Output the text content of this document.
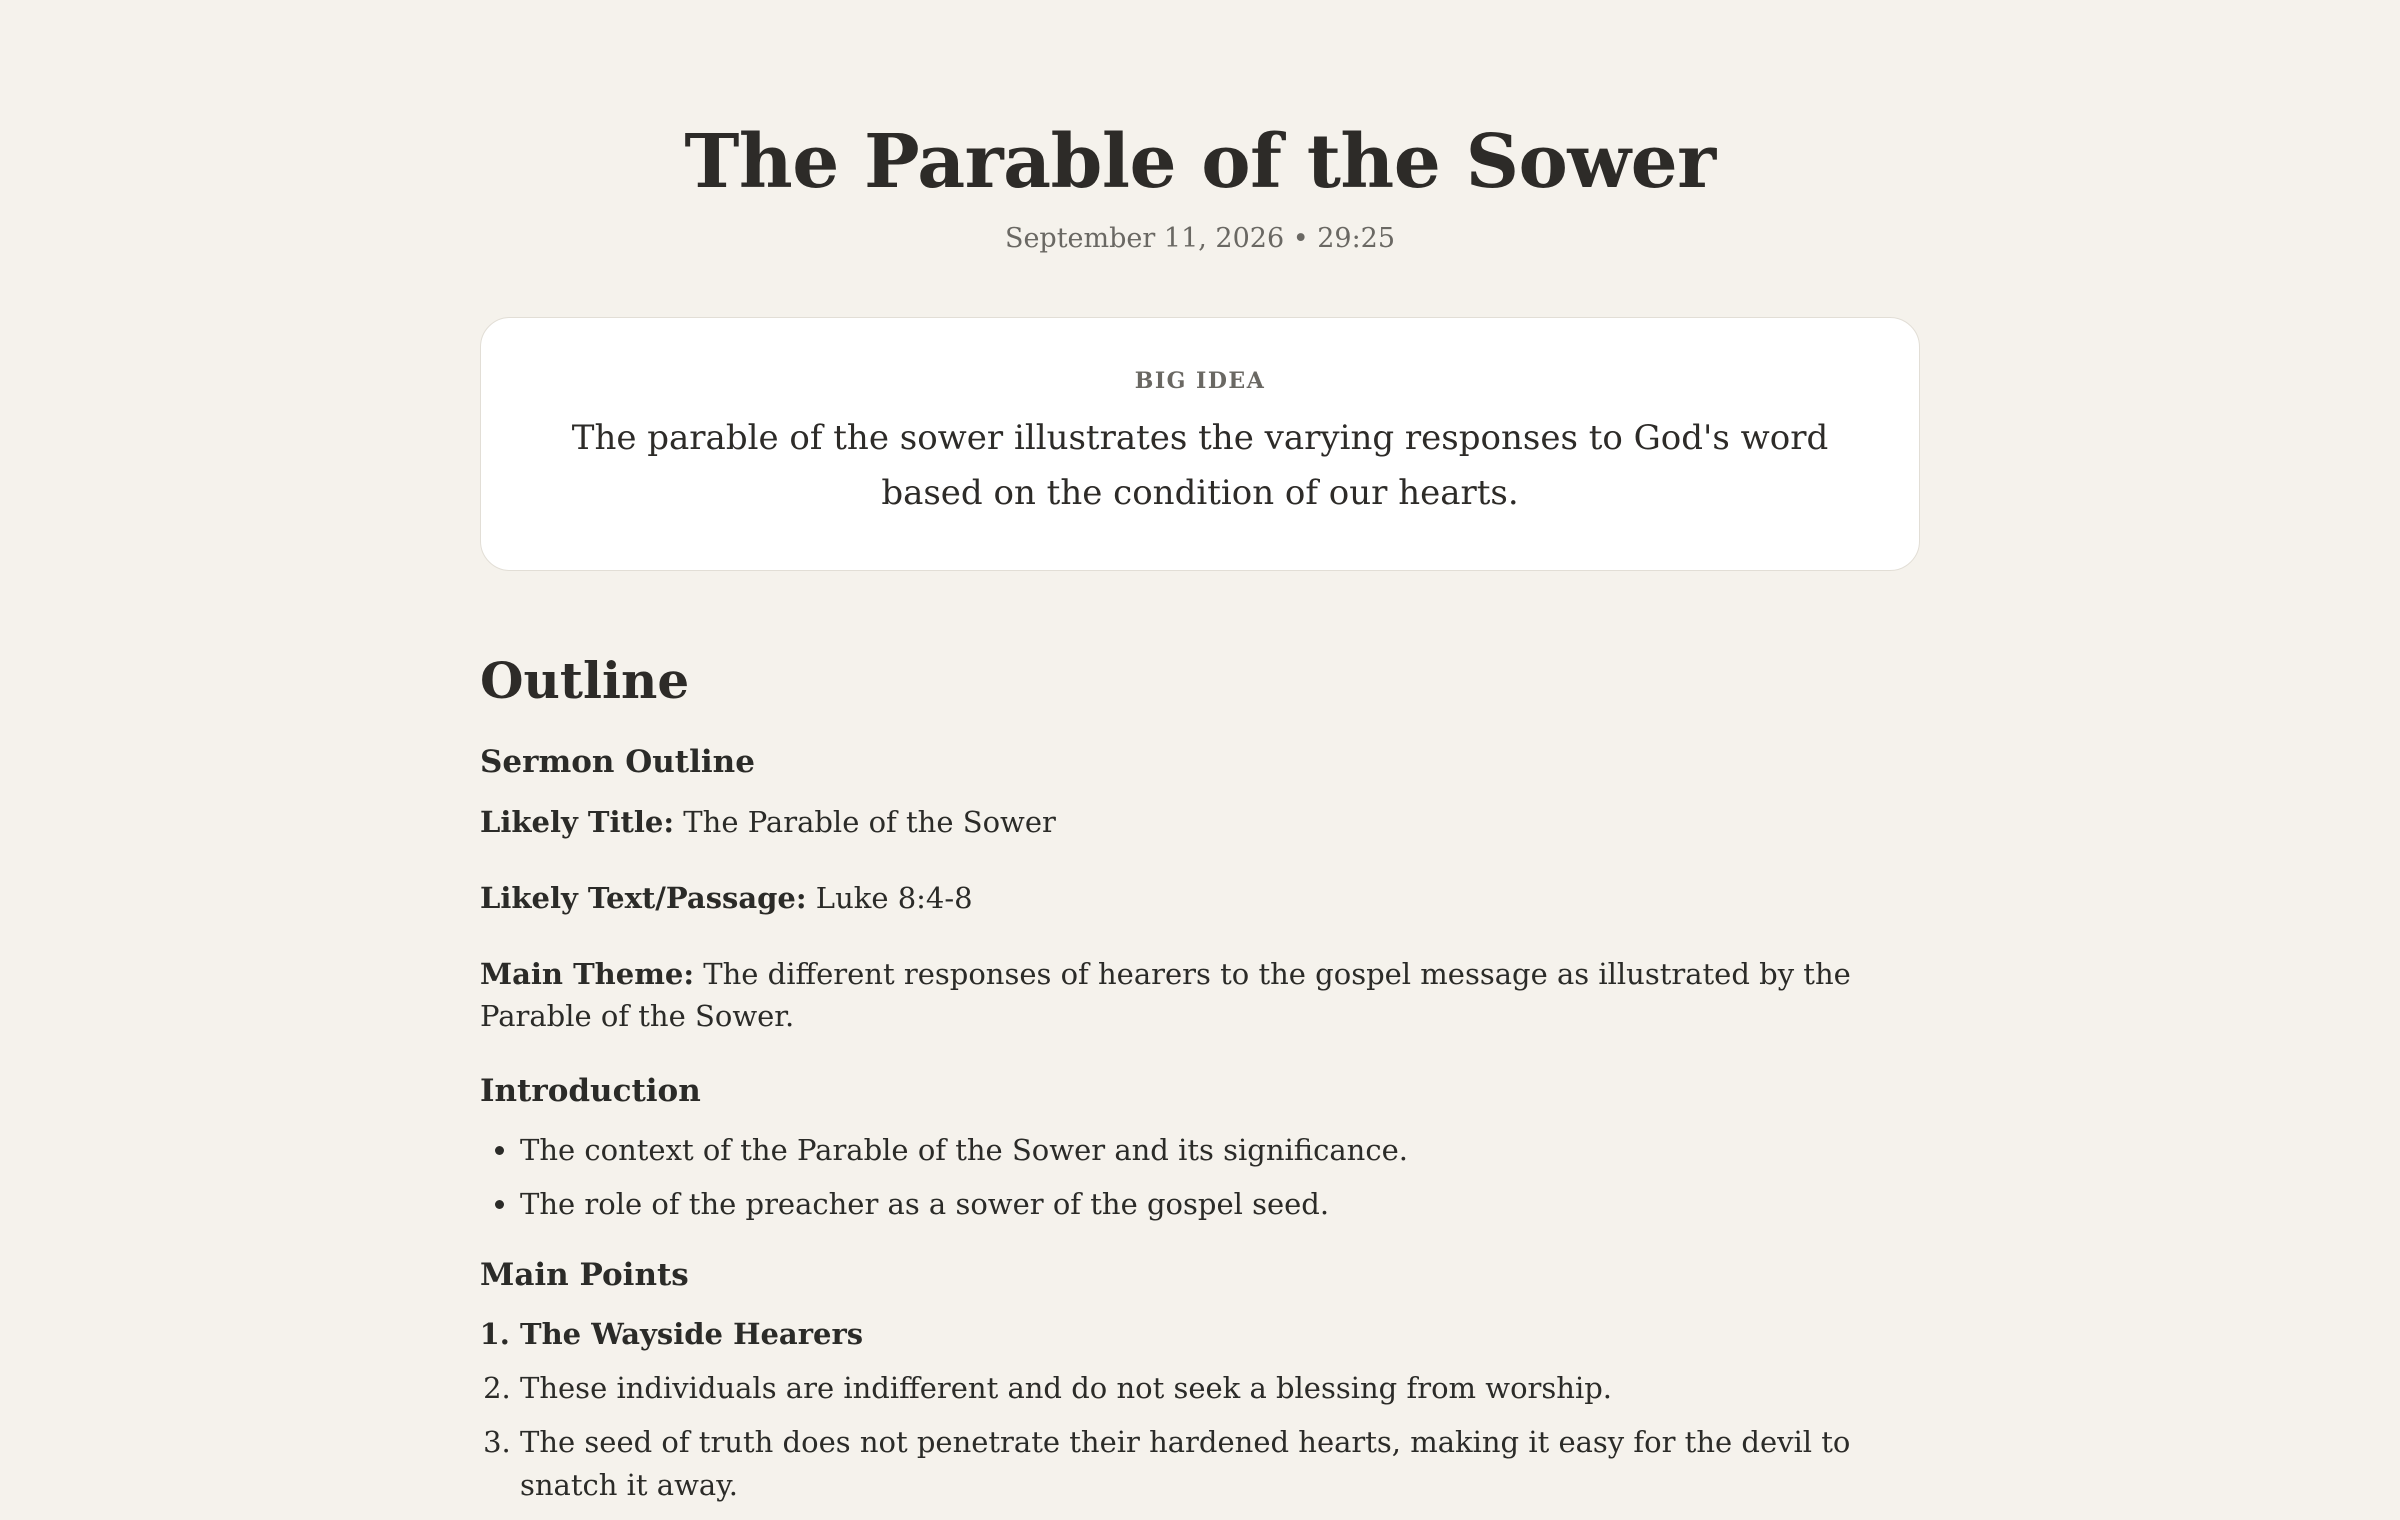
The Parable of the Sower
September 11, 2026 • 29:25
BIG IDEA
The parable of the sower illustrates the varying responses to God's word based on the condition of our hearts.
Outline
Sermon Outline

Likely Title: The Parable of the Sower

Likely Text/Passage: Luke 8:4-8

Main Theme: The different responses of hearers to the gospel message as illustrated by the Parable of the Sower.

Introduction
• The context of the Parable of the Sower and its significance.
• The role of the preacher as a sower of the gospel seed.
Main Points
1. The Wayside Hearers
2. These individuals are indifferent and do not seek a blessing from worship.
3. The seed of truth does not penetrate their hardened hearts, making it easy for the devil to snatch it away.
